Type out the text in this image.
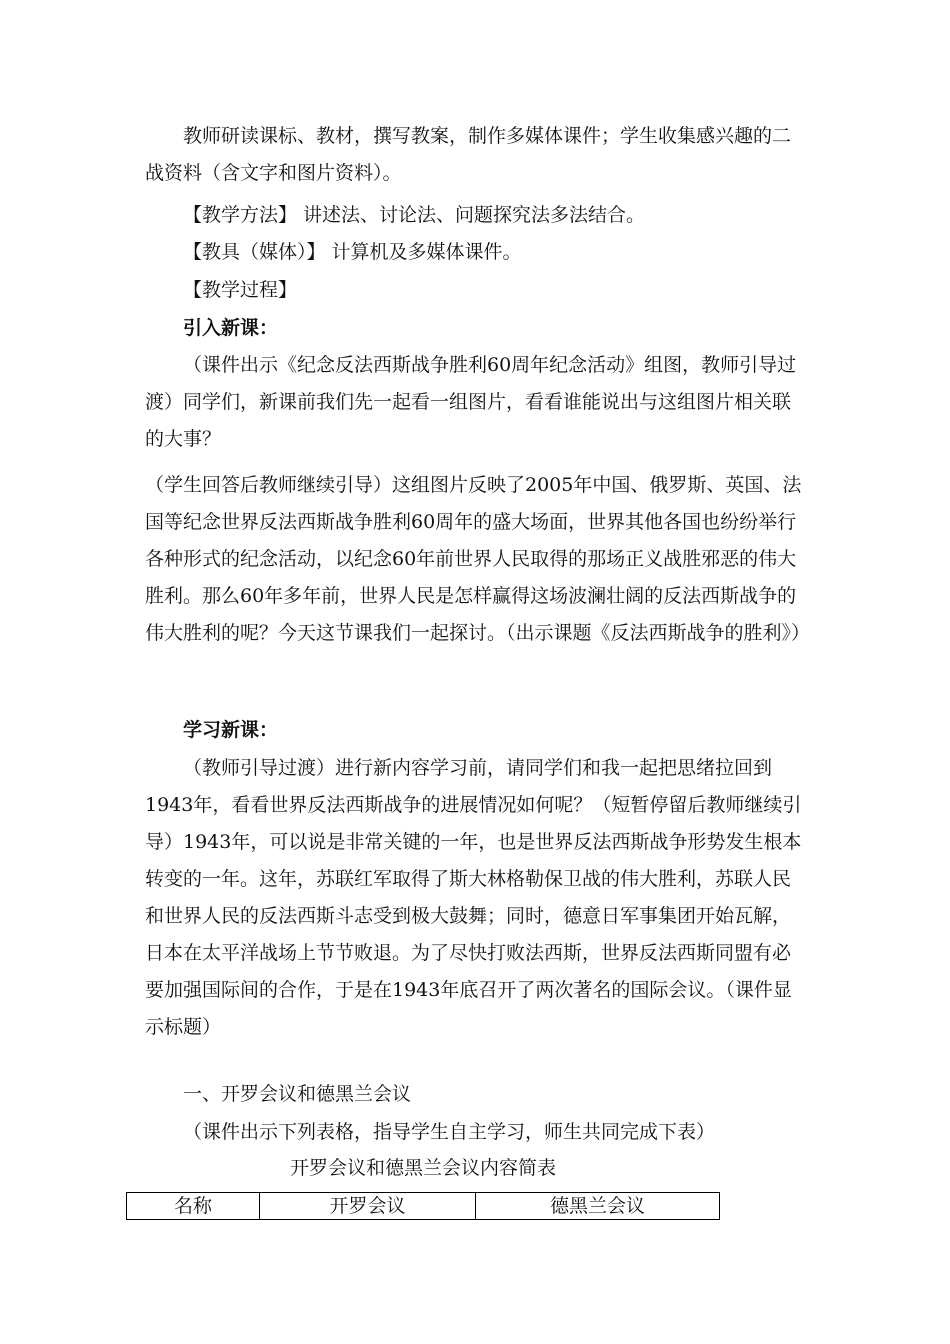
教师研读课标、教材，撰写教案，制作多媒体课件；学生收集感兴趣的二战资料（含文字和图片资料）。

【教学方法】 讲述法、讨论法、问题探究法多法结合。

【教具（媒体）】 计算机及多媒体课件。

【教学过程】

引入新课：

（课件出示《纪念反法西斯战争胜利60周年纪念活动》组图，教师引导过渡）同学们，新课前我们先一起看一组图片，看看谁能说出与这组图片相关联的大事？

（学生回答后教师继续引导）这组图片反映了2005年中国、俄罗斯、英国、法国等纪念世界反法西斯战争胜利60周年的盛大场面，世界其他各国也纷纷举行各种形式的纪念活动，以纪念60年前世界人民取得的那场正义战胜邪恶的伟大胜利。那么60年多年前，世界人民是怎样赢得这场波澜壮阔的反法西斯战争的伟大胜利的呢？今天这节课我们一起探讨。（出示课题《反法西斯战争的胜利》）

学习新课：

（教师引导过渡）进行新内容学习前，请同学们和我一起把思绪拉回到1943年，看看世界反法西斯战争的进展情况如何呢？（短暂停留后教师继续引导）1943年，可以说是非常关键的一年，也是世界反法西斯战争形势发生根本转变的一年。这年，苏联红军取得了斯大林格勒保卫战的伟大胜利，苏联人民和世界人民的反法西斯斗志受到极大鼓舞；同时，德意日军事集团开始瓦解，日本在太平洋战场上节节败退。为了尽快打败法西斯，世界反法西斯同盟有必要加强国际间的合作，于是在1943年底召开了两次著名的国际会议。（课件显示标题）

一、开罗会议和德黑兰会议

（课件出示下列表格，指导学生自主学习，师生共同完成下表）

开罗会议和德黑兰会议内容简表
名称	开罗会议	德黑兰会议
